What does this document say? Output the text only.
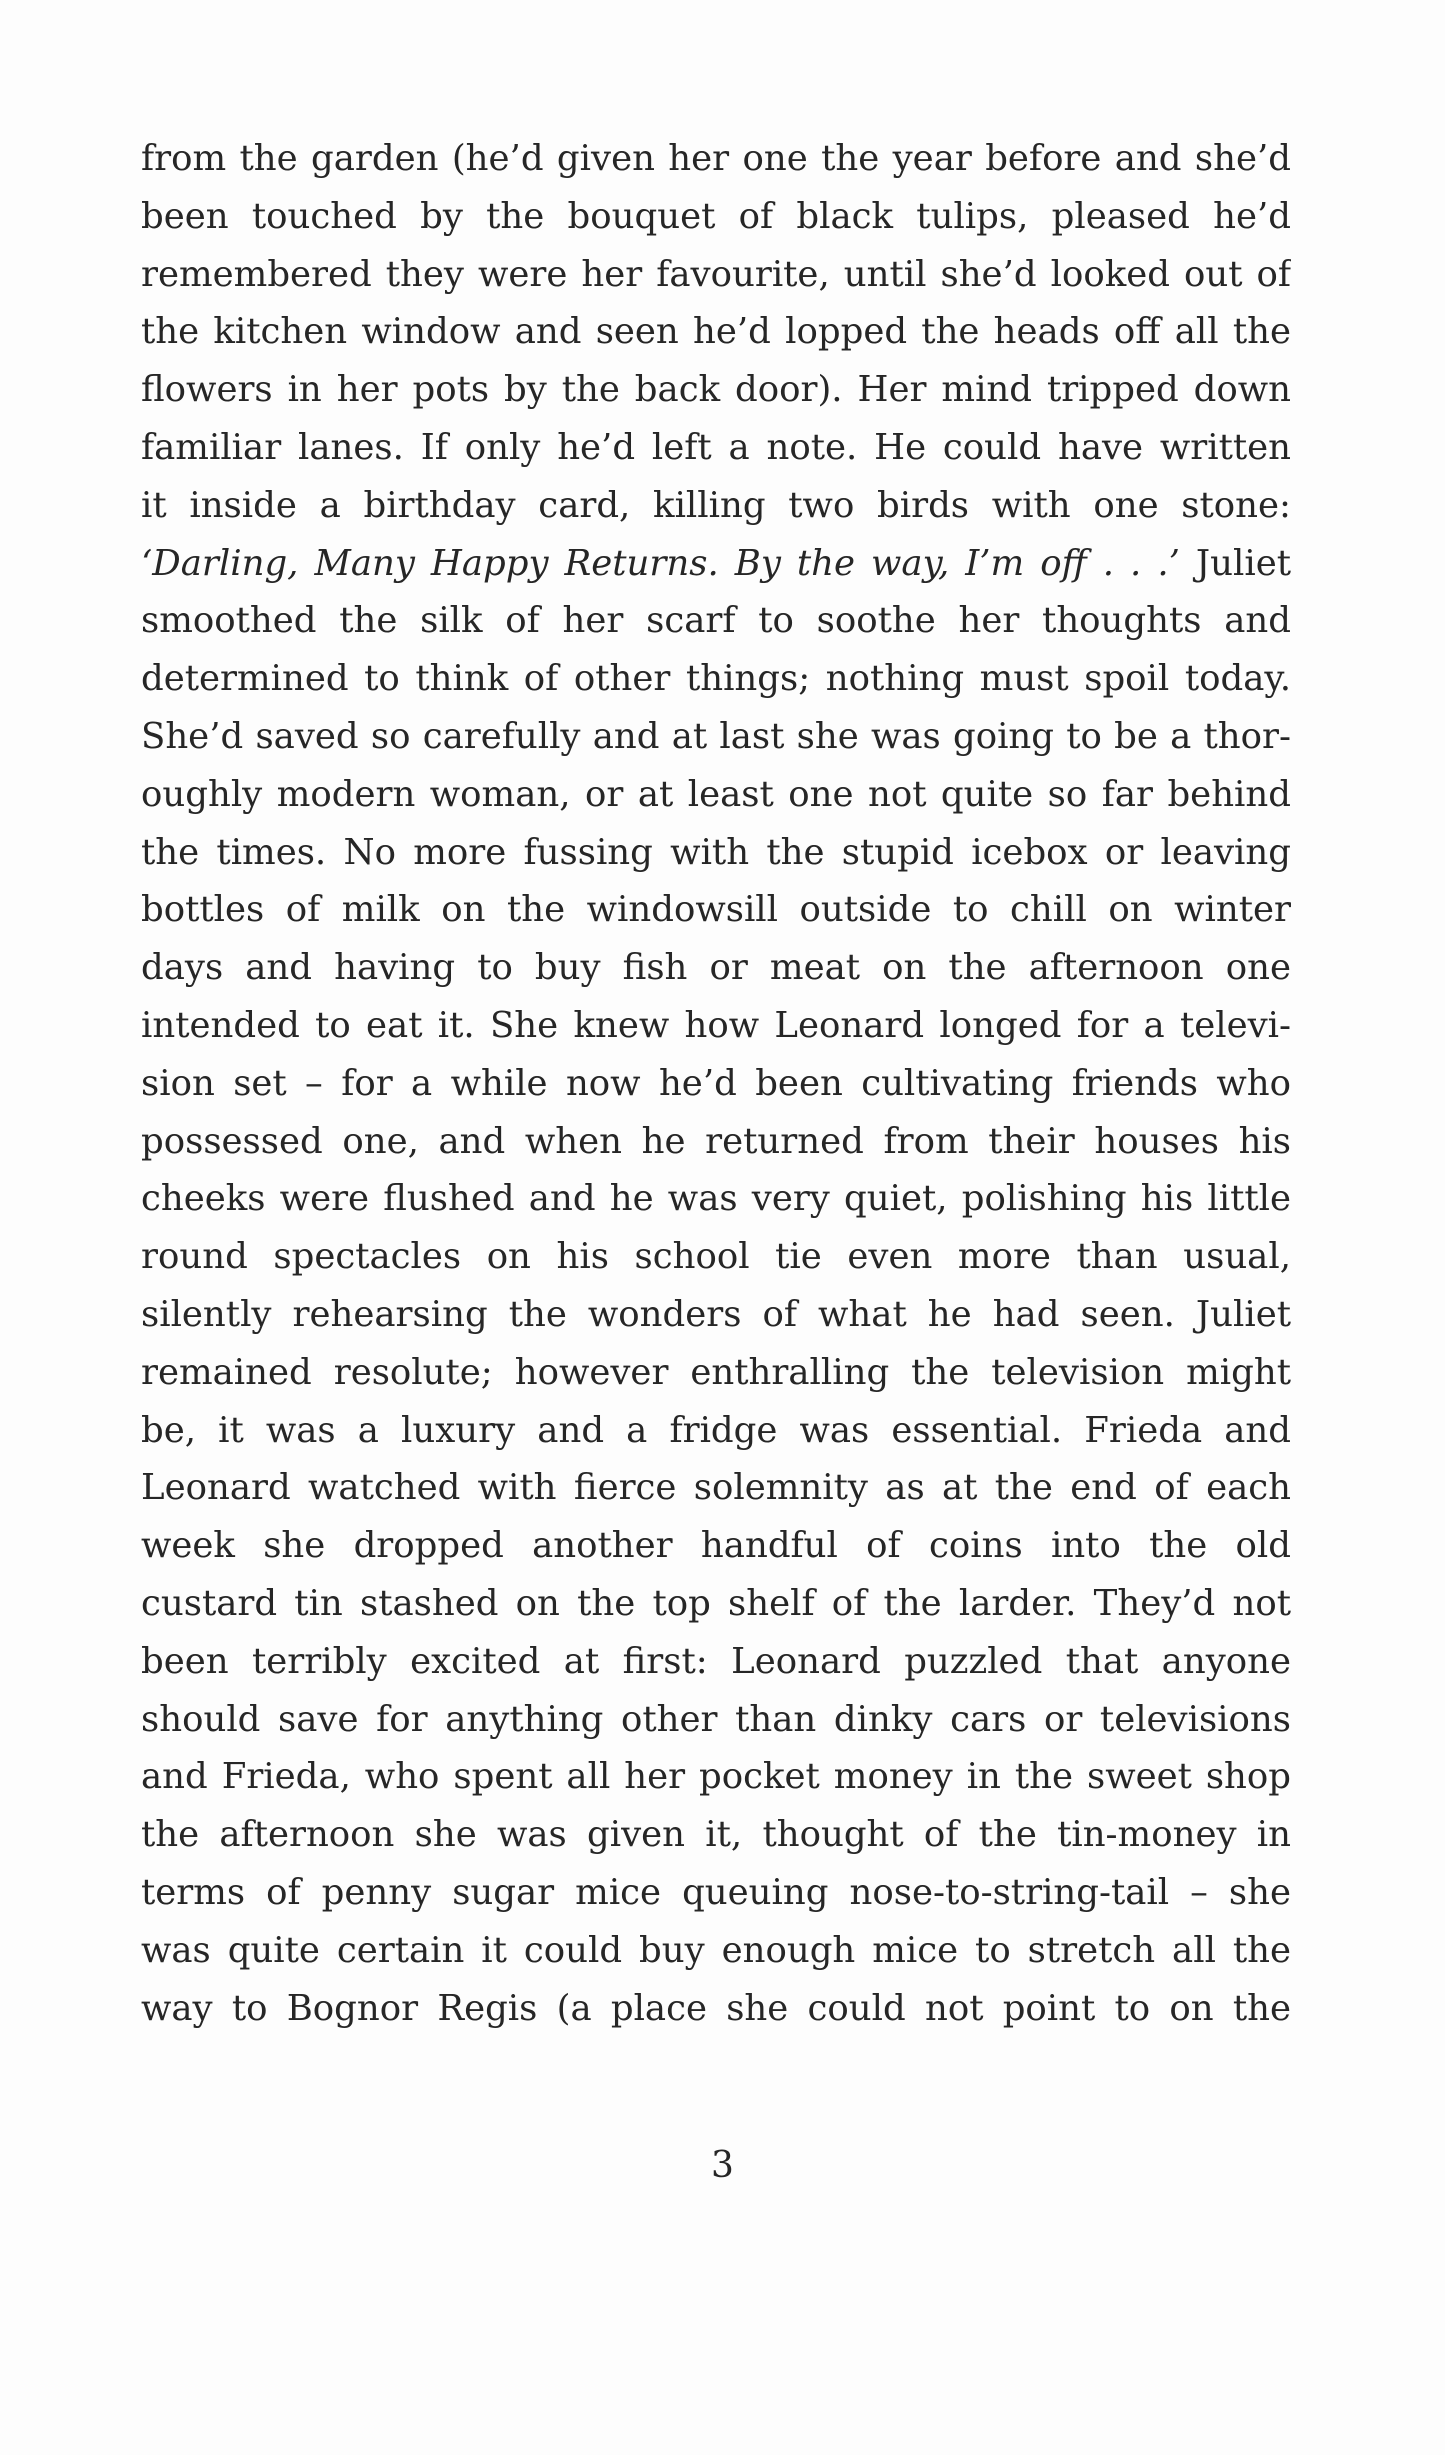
from the garden (he’d given her one the year before and she’d
been touched by the bouquet of black tulips, pleased he’d
remembered they were her favourite, until she’d looked out of
the kitchen window and seen he’d lopped the heads off all the
flowers in her pots by the back door). Her mind tripped down
familiar lanes. If only he’d left a note. He could have written
it inside a birthday card, killing two birds with one stone:
‘Darling, Many Happy Returns. By the way, I’m off . . .’ Juliet
smoothed the silk of her scarf to soothe her thoughts and
determined to think of other things; nothing must spoil today.
She’d saved so carefully and at last she was going to be a thor-
oughly modern woman, or at least one not quite so far behind
the times. No more fussing with the stupid icebox or leaving
bottles of milk on the windowsill outside to chill on winter
days and having to buy fish or meat on the afternoon one
intended to eat it. She knew how Leonard longed for a televi-
sion set – for a while now he’d been cultivating friends who
possessed one, and when he returned from their houses his
cheeks were flushed and he was very quiet, polishing his little
round spectacles on his school tie even more than usual,
silently rehearsing the wonders of what he had seen. Juliet
remained resolute; however enthralling the television might
be, it was a luxury and a fridge was essential. Frieda and
Leonard watched with fierce solemnity as at the end of each
week she dropped another handful of coins into the old
custard tin stashed on the top shelf of the larder. They’d not
been terribly excited at first: Leonard puzzled that anyone
should save for anything other than dinky cars or televisions
and Frieda, who spent all her pocket money in the sweet shop
the afternoon she was given it, thought of the tin-money in
terms of penny sugar mice queuing nose-to-string-tail – she
was quite certain it could buy enough mice to stretch all the
way to Bognor Regis (a place she could not point to on the
3
